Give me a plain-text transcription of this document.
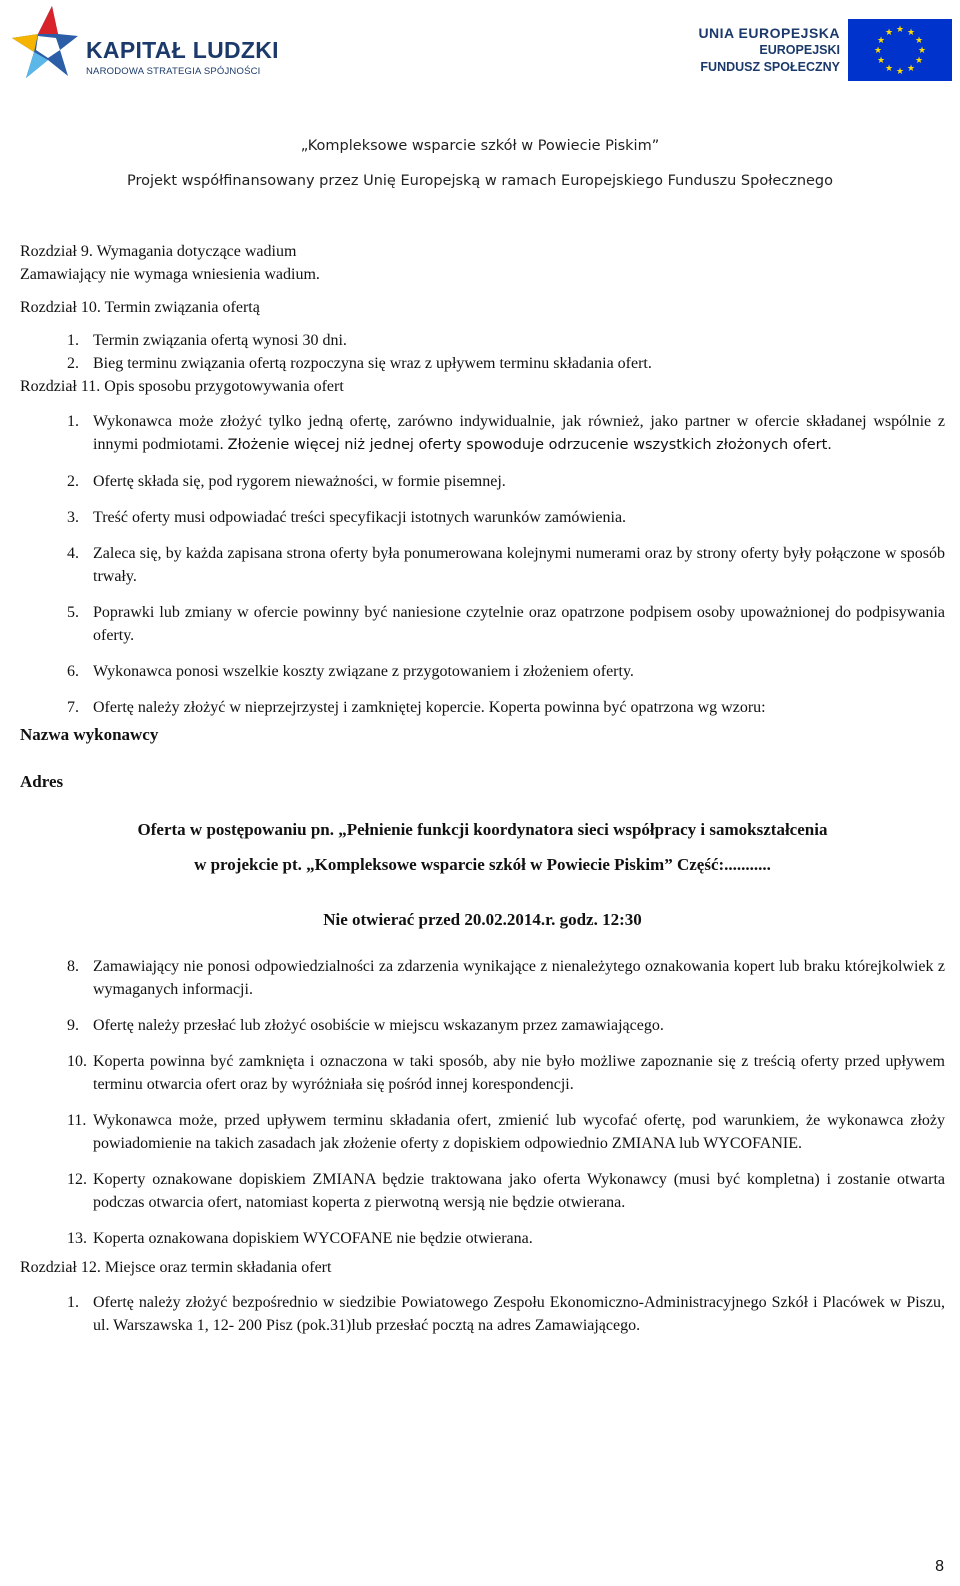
KAPITAŁ LUDZKI
NARODOWA STRATEGIA SPÓJNOŚCI
UNIA EUROPEJSKA
EUROPEJSKI
FUNDUSZ SPOŁECZNY
★ ★
★
★
★
★
★
★
★
★
★
★
„Kompleksowe wsparcie szkół w Powiecie Piskim”
Projekt współfinansowany przez Unię Europejską w ramach Europejskiego Funduszu Społecznego

Rozdział 9. Wymagania dotyczące wadium

Zamawiający nie wymaga wniesienia wadium.

Rozdział 10. Termin związania ofertą

1. Termin związania ofertą wynosi 30 dni.
2. Bieg terminu związania ofertą rozpoczyna się wraz z upływem terminu składania ofert.

Rozdział 11. Opis sposobu przygotowywania ofert

1. Wykonawca może złożyć tylko jedną ofertę, zarówno indywidualnie, jak również, jako partner w ofercie składanej wspólnie z innymi podmiotami. Złożenie więcej niż jednej oferty spowoduje odrzucenie wszystkich złożonych ofert.
2. Ofertę składa się, pod rygorem nieważności, w formie pisemnej.
3. Treść oferty musi odpowiadać treści specyfikacji istotnych warunków zamówienia.
4. Zaleca się, by każda zapisana strona oferty była ponumerowana kolejnymi numerami oraz by strony oferty były połączone w sposób trwały.
5. Poprawki lub zmiany w ofercie powinny być naniesione czytelnie oraz opatrzone podpisem osoby upoważnionej do podpisywania oferty.
6. Wykonawca ponosi wszelkie koszty związane z przygotowaniem i złożeniem oferty.
7. Ofertę należy złożyć w nieprzejrzystej i zamkniętej kopercie. Koperta powinna być opatrzona wg wzoru:

Nazwa wykonawcy

Adres

Oferta w postępowaniu pn. „Pełnienie funkcji koordynatora sieci współpracy i samokształcenia

w projekcie pt. „Kompleksowe wsparcie szkół w Powiecie Piskim” Część:...........

Nie otwierać przed 20.02.2014.r. godz. 12:30

8. Zamawiający nie ponosi odpowiedzialności za zdarzenia wynikające z nienależytego oznakowania kopert lub braku którejkolwiek z wymaganych informacji.
9. Ofertę należy przesłać lub złożyć osobiście w miejscu wskazanym przez zamawiającego.
10. Koperta powinna być zamknięta i oznaczona w taki sposób, aby nie było możliwe zapoznanie się z treścią oferty przed upływem terminu otwarcia ofert oraz by wyróżniała się pośród innej korespondencji.
11. Wykonawca może, przed upływem terminu składania ofert, zmienić lub wycofać ofertę, pod warunkiem, że wykonawca złoży powiadomienie na takich zasadach jak złożenie oferty z dopiskiem odpowiednio ZMIANA lub WYCOFANIE.
12. Koperty oznakowane dopiskiem ZMIANA będzie traktowana jako oferta Wykonawcy (musi być kompletna) i zostanie otwarta podczas otwarcia ofert, natomiast koperta z pierwotną wersją nie będzie otwierana.
13. Koperta oznakowana dopiskiem WYCOFANE nie będzie otwierana.

Rozdział 12. Miejsce oraz termin składania ofert

1. Ofertę należy złożyć bezpośrednio w siedzibie Powiatowego Zespołu Ekonomiczno-Administracyjnego Szkół i Placówek w Piszu, ul. Warszawska 1, 12- 200 Pisz (pok.31)lub przesłać pocztą na adres Zamawiającego.
8
